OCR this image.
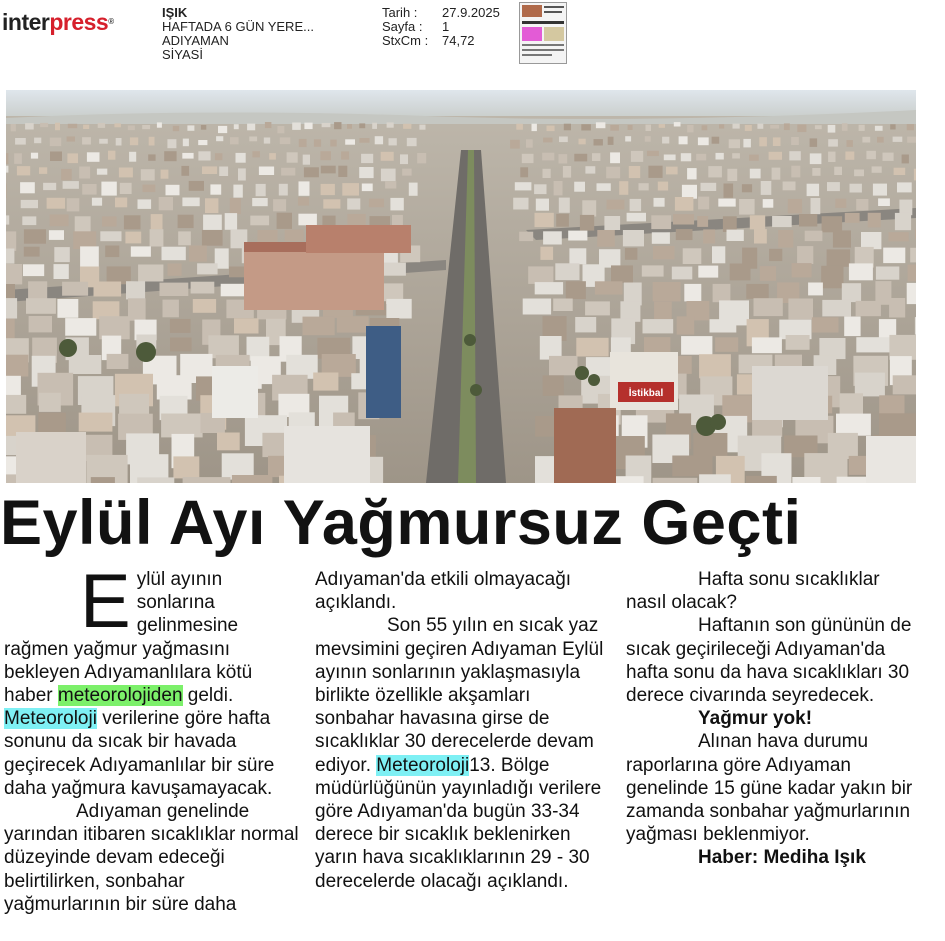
interpress®
IŞIK
HAFTADA 6 GÜN YERE...
ADIYAMAN
SİYASİ
Tarih :	27.9.2025
Sayfa :	1
StxCm :	74,72
İstikbal
Eylül Ayı Yağmursuz Geçti

Eylül ayının sonlarına gelinmesine rağmen yağmur yağmasını bekleyen Adıyamanlılara kötü haber meteorolojiden geldi. Meteoroloji verilerine göre hafta sonunu da sıcak bir havada geçirecek Adıyamanlılar bir süre daha yağmura kavuşamayacak.

Adıyaman genelinde yarından itibaren sıcaklıklar normal düzeyinde devam edeceği belirtilirken, sonbahar yağmurlarının bir süre daha

Adıyaman'da etkili olmayacağı açıklandı.

Son 55 yılın en sıcak yaz mevsimini geçiren Adıyaman Eylül ayının sonlarının yaklaşmasıyla birlikte özellikle akşamları sonbahar havasına girse de sıcaklıklar 30 derecelerde devam ediyor. Meteoroloji13. Bölge müdürlüğünün yayınladığı verilere göre Adıyaman'da bugün 33-34 derece bir sıcaklık beklenirken yarın hava sıcaklıklarının 29 - 30 derecelerde olacağı açıklandı.

Hafta sonu sıcaklıklar nasıl olacak?

Haftanın son gününün de sıcak geçirileceği Adıyaman'da hafta sonu da hava sıcaklıkları 30 derece civarında seyredecek.

Yağmur yok!

Alınan hava durumu raporlarına göre Adıyaman genelinde 15 güne kadar yakın bir zamanda sonbahar yağmurlarının yağması beklenmiyor.

Haber: Mediha Işık
